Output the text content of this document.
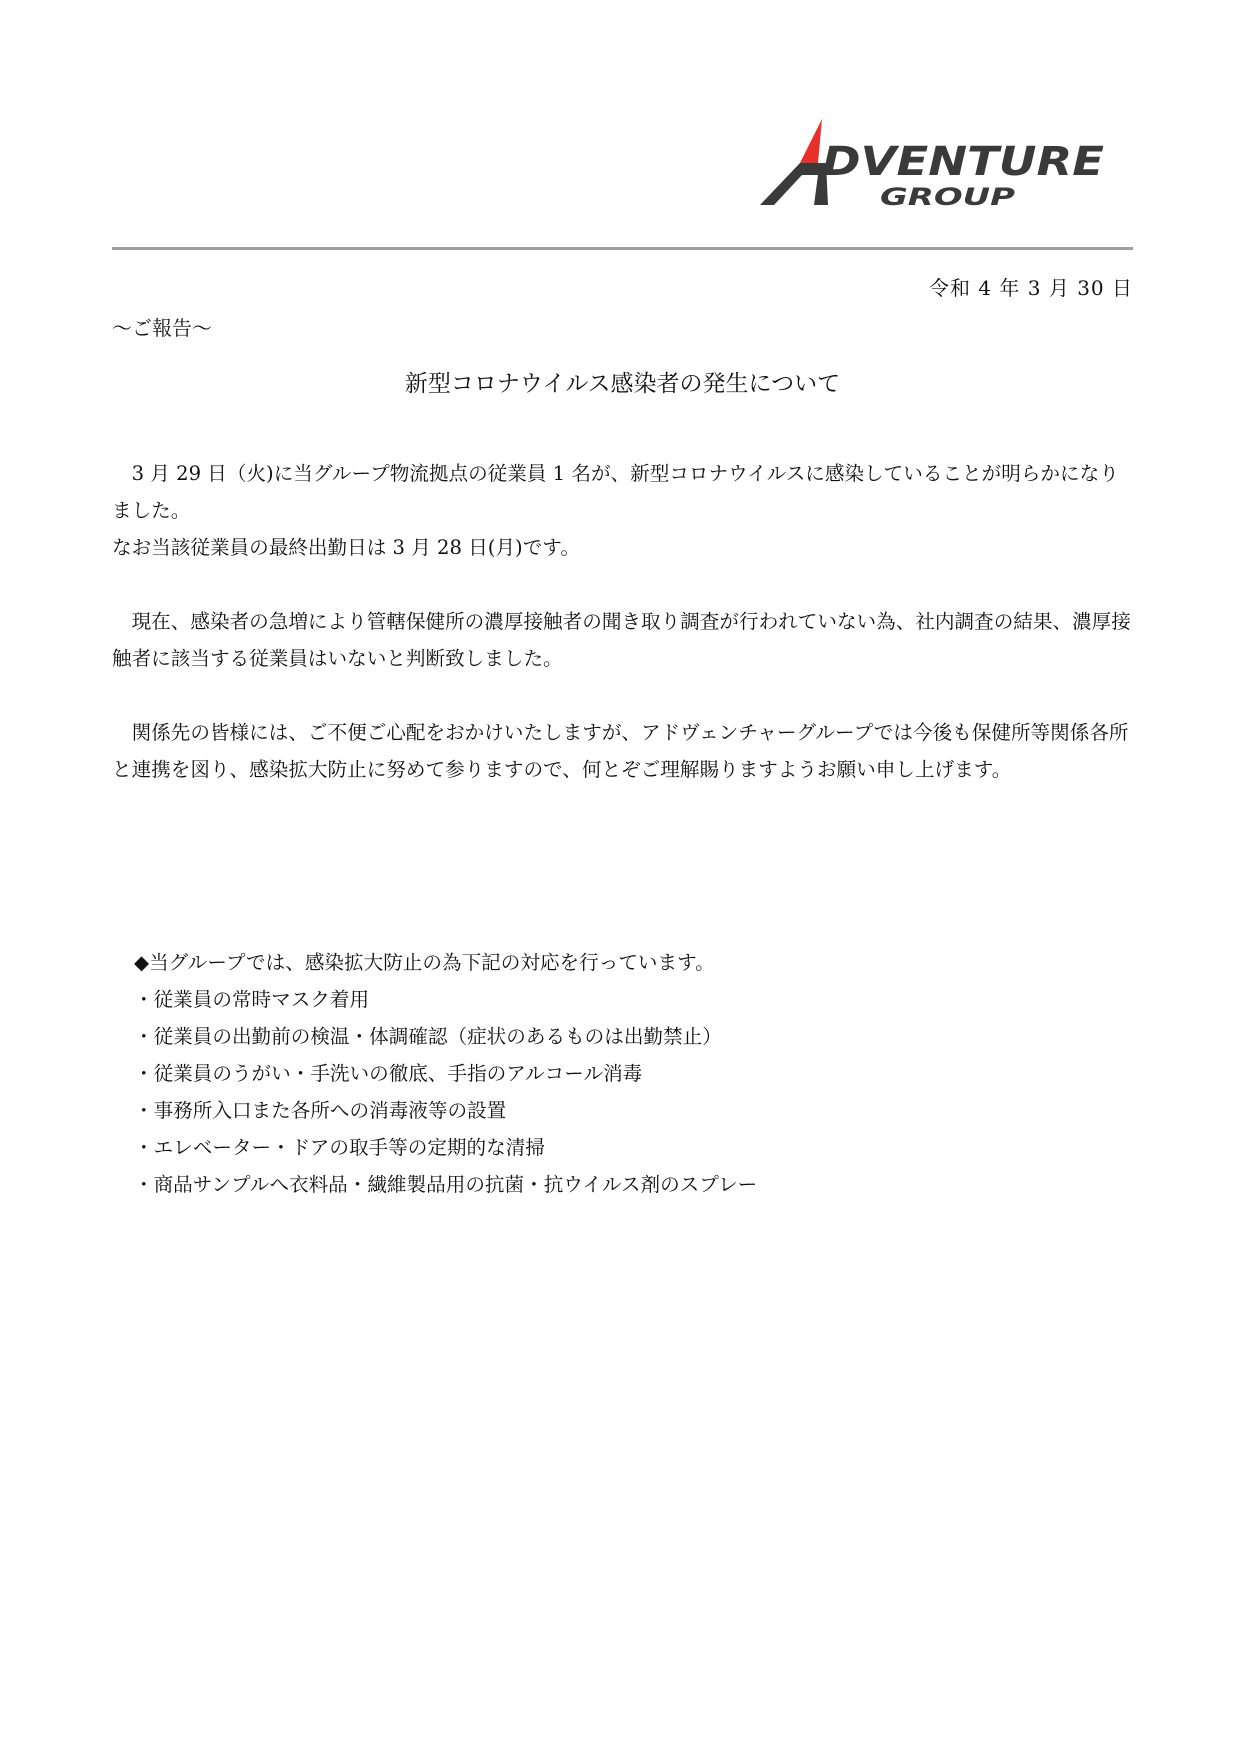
DVENTURE
GROUP
令和 4 年 3 月 30 日
～ご報告～
新型コロナウイルス感染者の発生について

3 月 29 日（火)に当グループ物流拠点の従業員 1 名が、新型コロナウイルスに感染していることが明らかになりました。
なお当該従業員の最終出勤日は 3 月 28 日(月)です。

現在、感染者の急増により管轄保健所の濃厚接触者の聞き取り調査が行われていない為、社内調査の結果、濃厚接触者に該当する従業員はいないと判断致しました。

関係先の皆様には、ご不便ご心配をおかけいたしますが、アドヴェンチャーグループでは今後も保健所等関係各所と連携を図り、感染拡大防止に努めて参りますので、何とぞご理解賜りますようお願い申し上げます。

◆当グループでは、感染拡大防止の為下記の対応を行っています。
・従業員の常時マスク着用
・従業員の出勤前の検温・体調確認（症状のあるものは出勤禁止）
・従業員のうがい・手洗いの徹底、手指のアルコール消毒
・事務所入口また各所への消毒液等の設置
・エレベーター・ドアの取手等の定期的な清掃
・商品サンプルへ衣料品・繊維製品用の抗菌・抗ウイルス剤のスプレー
